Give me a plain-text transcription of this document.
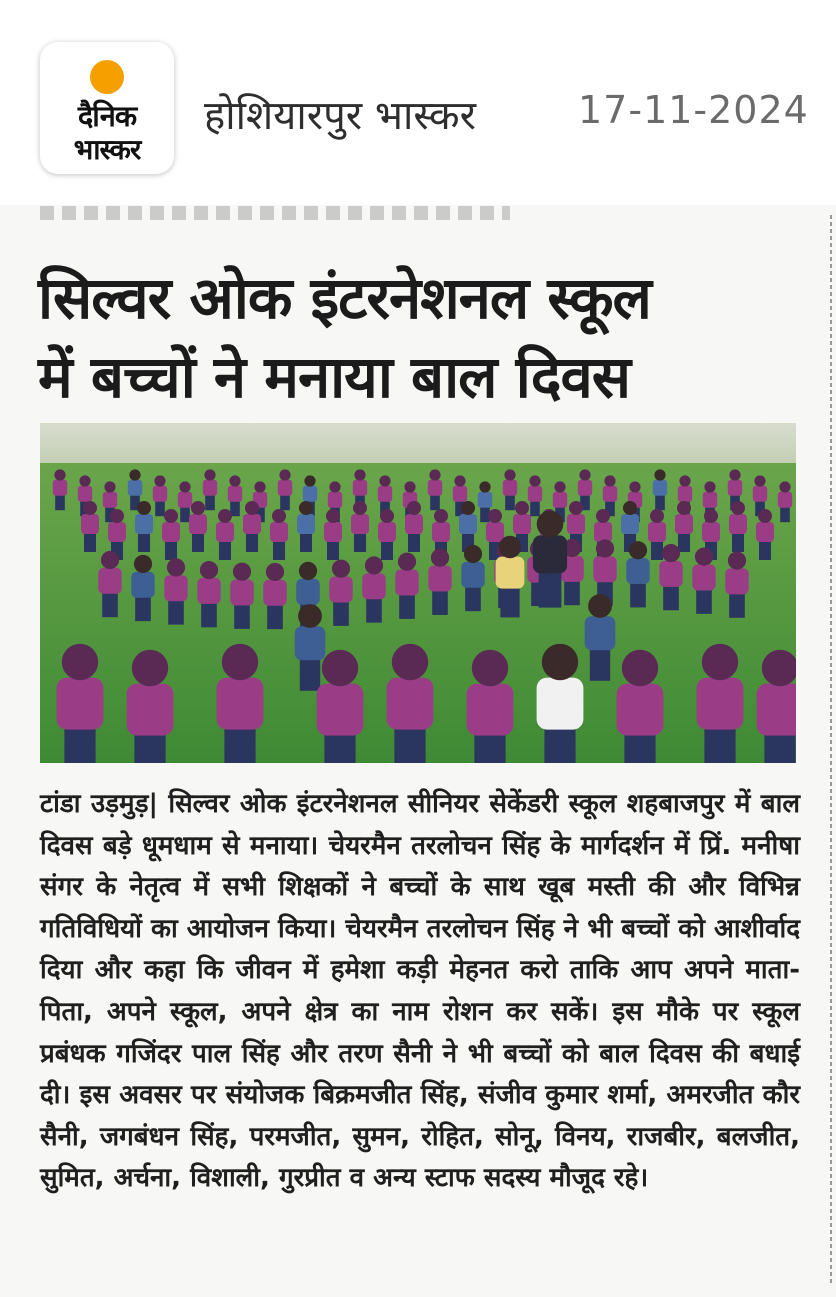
दैनिक
भास्कर
होशियारपुर भास्कर	17-11-2024
सिल्वर ओक इंटरनेशनल स्कूल
में बच्चों ने मनाया बाल दिवस
टांडा उड़मुड़| सिल्वर ओक इंटरनेशनल सीनियर सेकेंडरी स्कूल शहबाजपुर में बाल दिवस बड़े धूमधाम से मनाया। चेयरमैन तरलोचन सिंह के मार्गदर्शन में प्रिं. मनीषा संगर के नेतृत्व में सभी शिक्षकों ने बच्चों के साथ खूब मस्ती की और विभिन्न गतिविधियों का आयोजन किया। चेयरमैन तरलोचन सिंह ने भी बच्चों को आशीर्वाद दिया और कहा कि जीवन में हमेशा कड़ी मेहनत करो ताकि आप अपने माता-पिता, अपने स्कूल, अपने क्षेत्र का नाम रोशन कर सकें। इस मौके पर स्कूल प्रबंधक गजिंदर पाल सिंह और तरण सैनी ने भी बच्चों को बाल दिवस की बधाई दी। इस अवसर पर संयोजक बिक्रमजीत सिंह, संजीव कुमार शर्मा, अमरजीत कौर सैनी, जगबंधन सिंह, परमजीत, सुमन, रोहित, सोनू, विनय, राजबीर, बलजीत, सुमित, अर्चना, विशाली, गुरप्रीत व अन्य स्टाफ सदस्य मौजूद रहे।
